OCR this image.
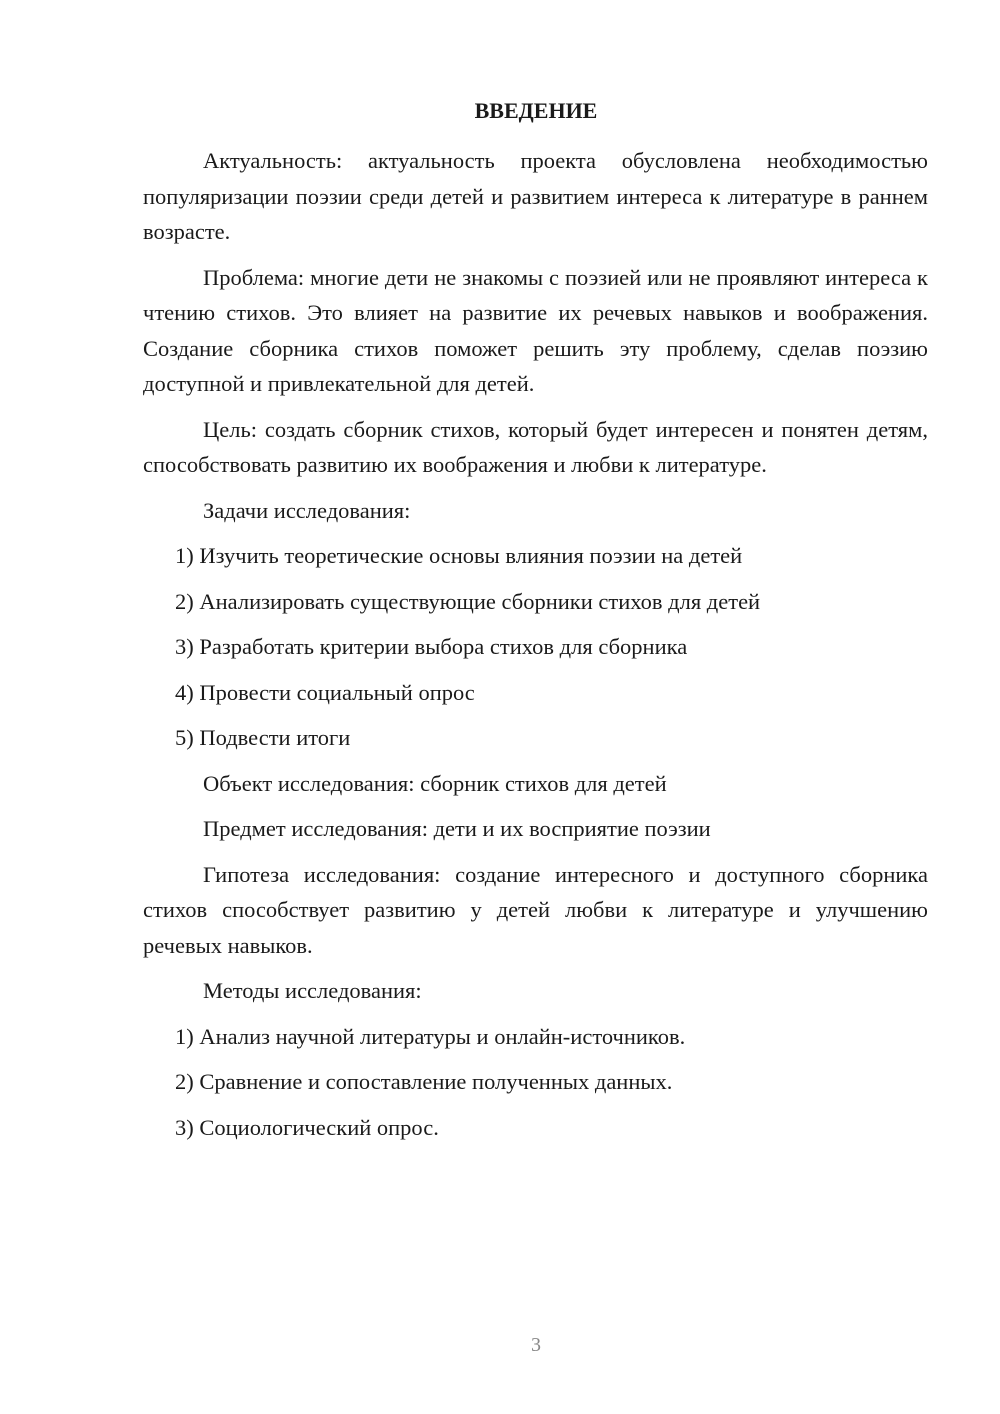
ВВЕДЕНИЕ

Актуальность: актуальность проекта обусловлена необходимостью популяризации поэзии среди детей и развитием интереса к литературе в раннем возрасте.

Проблема: многие дети не знакомы с поэзией или не проявляют интереса к чтению стихов. Это влияет на развитие их речевых навыков и воображения. Создание сборника стихов поможет решить эту проблему, сделав поэзию доступной и привлекательной для детей.

Цель: создать сборник стихов, который будет интересен и понятен детям, способствовать развитию их воображения и любви к литературе.

Задачи исследования:
1) Изучить теоретические основы влияния поэзии на детей
2) Анализировать существующие сборники стихов для детей
3) Разработать критерии выбора стихов для сборника
4) Провести социальный опрос
5) Подвести итоги
Объект исследования: сборник стихов для детей
Предмет исследования: дети и их восприятие поэзии

Гипотеза исследования: создание интересного и доступного сборника стихов способствует развитию у детей любви к литературе и улучшению речевых навыков.

Методы исследования:
1) Анализ научной литературы и онлайн-источников.
2) Сравнение и сопоставление полученных данных.
3) Социологический опрос.
3
